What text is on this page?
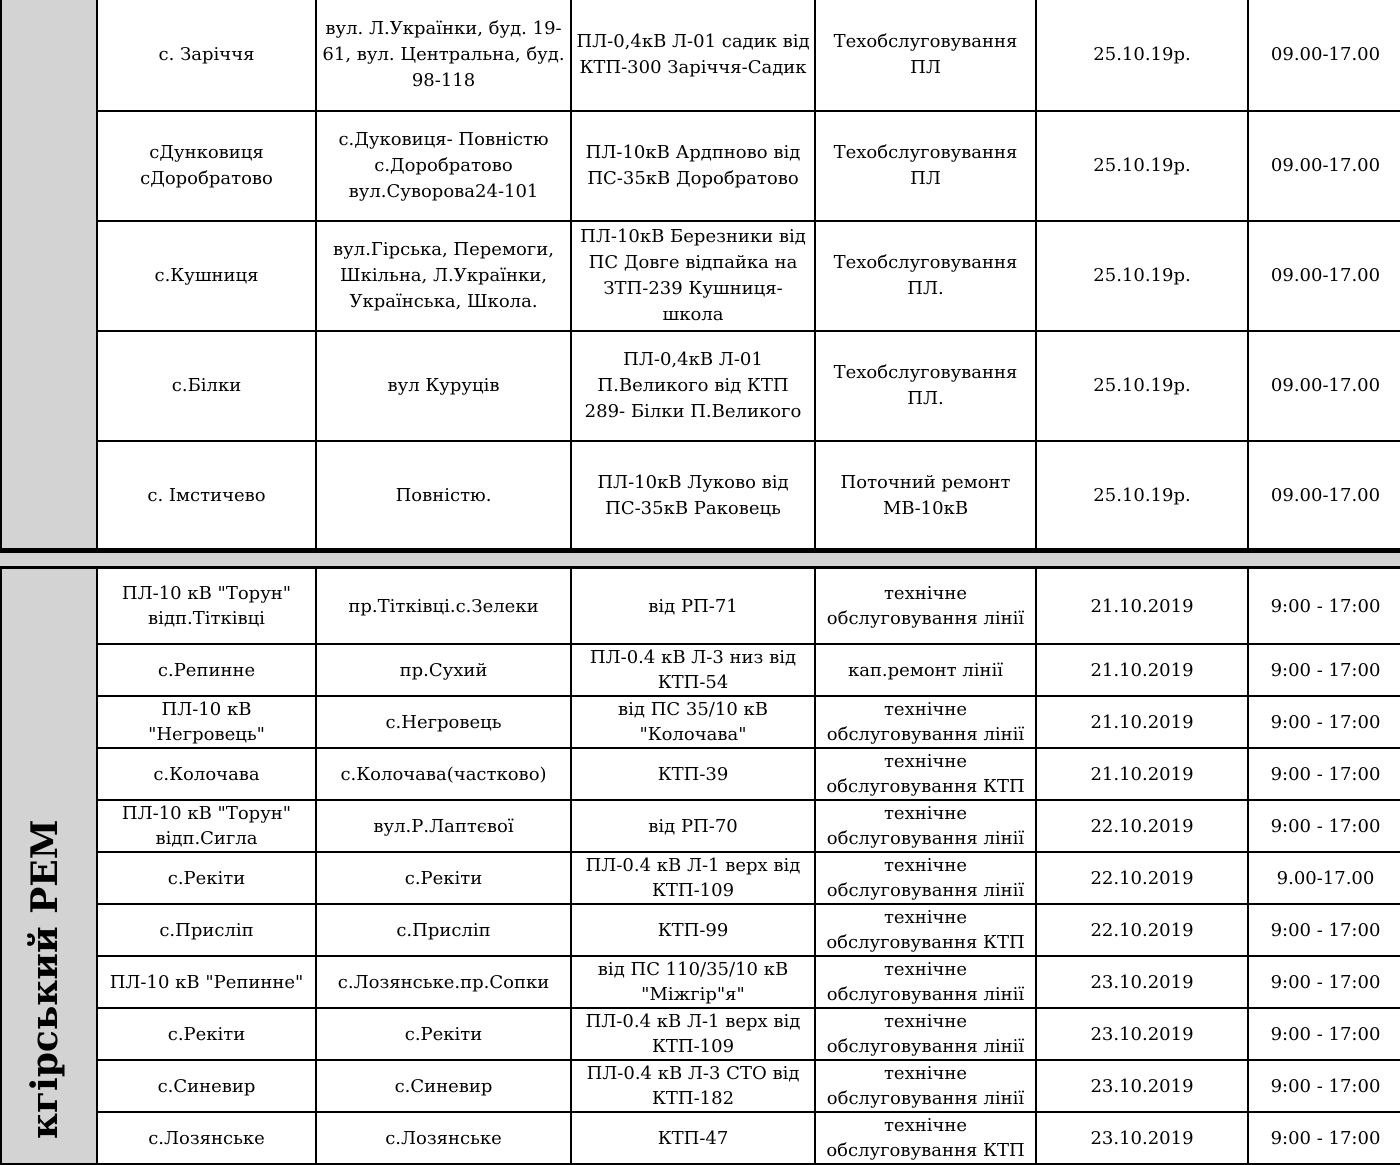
	с. Заріччя	вул. Л.Українки, буд. 19-61, вул. Центральна, буд. 98-118	ПЛ-0,4кВ Л-01 садик від КТП-300 Заріччя-Садик	Техобслуговування ПЛ	25.10.19р.	09.00-17.00
	сДунковиця сДоробратово	с.Дуковиця- Повністю с.Доробратово вул.Суворова24-101	ПЛ-10кВ Ардпново від ПС-35кВ Доробратово	Техобслуговування ПЛ	25.10.19р.	09.00-17.00
	с.Кушниця	вул.Гірська, Перемоги, Шкільна, Л.Українки, Українська, Школа.	ПЛ-10кВ Березники від ПС Довге відпайка на ЗТП-239 Кушниця-школа	Техобслуговування ПЛ.	25.10.19р.	09.00-17.00
	с.Білки	вул Куруців	ПЛ-0,4кВ Л-01 П.Великого від КТП 289- Білки П.Великого	Техобслуговування ПЛ.	25.10.19р.	09.00-17.00
	с. Імстичево	Повністю.	ПЛ-10кВ Луково від ПС-35кВ Раковець	Поточний ремонт МВ-10кВ	25.10.19р.	09.00-17.00
кгірський РЕМ	ПЛ-10 кВ "Торун" відп.Тітківці	пр.Тітківці.с.Зелеки	від РП-71	технічне обслуговування лінії	21.10.2019	9:00 - 17:00
	с.Репинне	пр.Сухий	ПЛ-0.4 кВ Л-3 низ від КТП-54	кап.ремонт лінії	21.10.2019	9:00 - 17:00
	ПЛ-10 кВ "Негровець"	с.Негровець	від ПС 35/10 кВ "Колочава"	технічне обслуговування лінії	21.10.2019	9:00 - 17:00
	с.Колочава	с.Колочава(частково)	КТП-39	технічне обслуговування КТП	21.10.2019	9:00 - 17:00
	ПЛ-10 кВ "Торун" відп.Сигла	вул.Р.Лаптєвої	від РП-70	технічне обслуговування лінії	22.10.2019	9:00 - 17:00
	с.Рекіти	с.Рекіти	ПЛ-0.4 кВ Л-1 верх від КТП-109	технічне обслуговування лінії	22.10.2019	9.00-17.00
	с.Присліп	с.Присліп	КТП-99	технічне обслуговування КТП	22.10.2019	9:00 - 17:00
	ПЛ-10 кВ "Репинне"	с.Лозянське.пр.Сопки	від ПС 110/35/10 кВ "Міжгір"я"	технічне обслуговування лінії	23.10.2019	9:00 - 17:00
	с.Рекіти	с.Рекіти	ПЛ-0.4 кВ Л-1 верх від КТП-109	технічне обслуговування лінії	23.10.2019	9:00 - 17:00
	с.Синевир	с.Синевир	ПЛ-0.4 кВ Л-3 СТО від КТП-182	технічне обслуговування лінії	23.10.2019	9:00 - 17:00
	с.Лозянське	с.Лозянське	КТП-47	технічне обслуговування КТП	23.10.2019	9:00 - 17:00
